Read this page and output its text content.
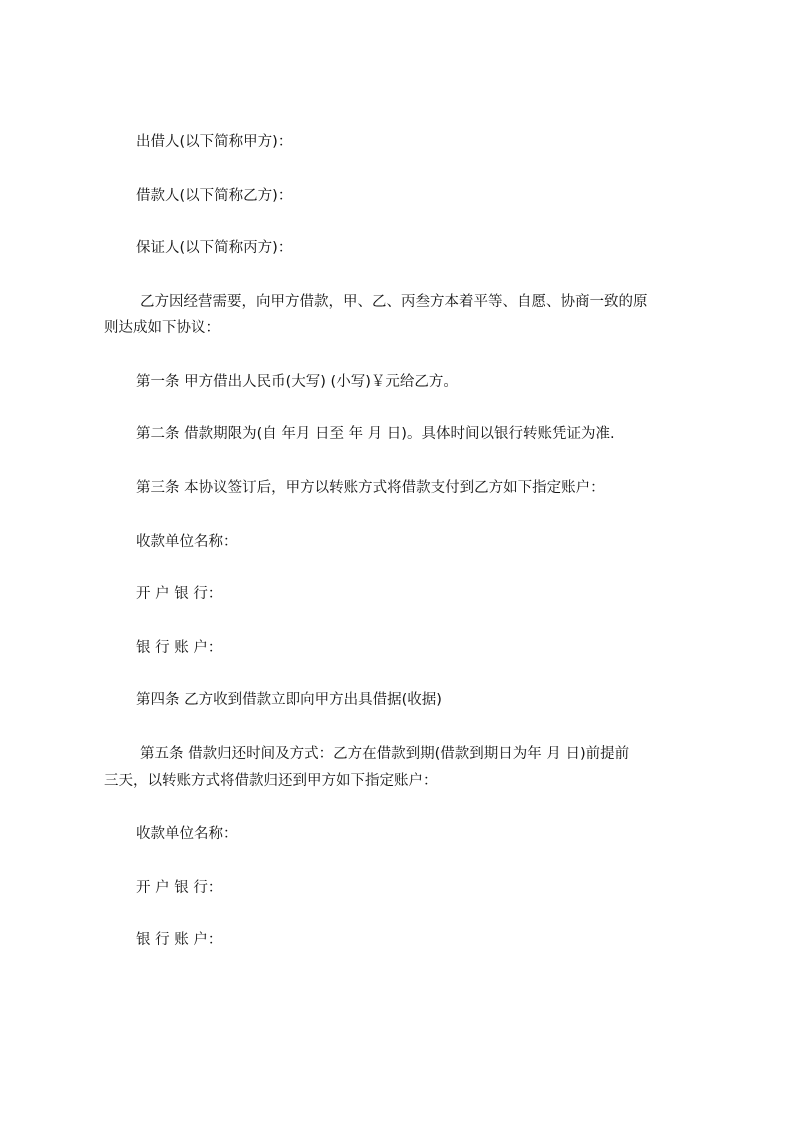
出借人(以下简称甲方)：
借款人(以下简称乙方)：
保证人(以下简称丙方)：
乙方因经营需要，向甲方借款，甲、乙、丙叁方本着平等、自愿、协商一致的原
则达成如下协议：
第一条 甲方借出人民币(大写) (小写)￥元给乙方。
第二条 借款期限为(自 年月 日至 年 月 日)。具体时间以银行转账凭证为准.
第三条 本协议签订后，甲方以转账方式将借款支付到乙方如下指定账户：
收款单位名称：
开 户 银 行：
银 行 账 户：
第四条 乙方收到借款立即向甲方出具借据(收据)
第五条 借款归还时间及方式：乙方在借款到期(借款到期日为年 月 日)前提前
三天，以转账方式将借款归还到甲方如下指定账户：
收款单位名称：
开 户 银 行：
银 行 账 户：
